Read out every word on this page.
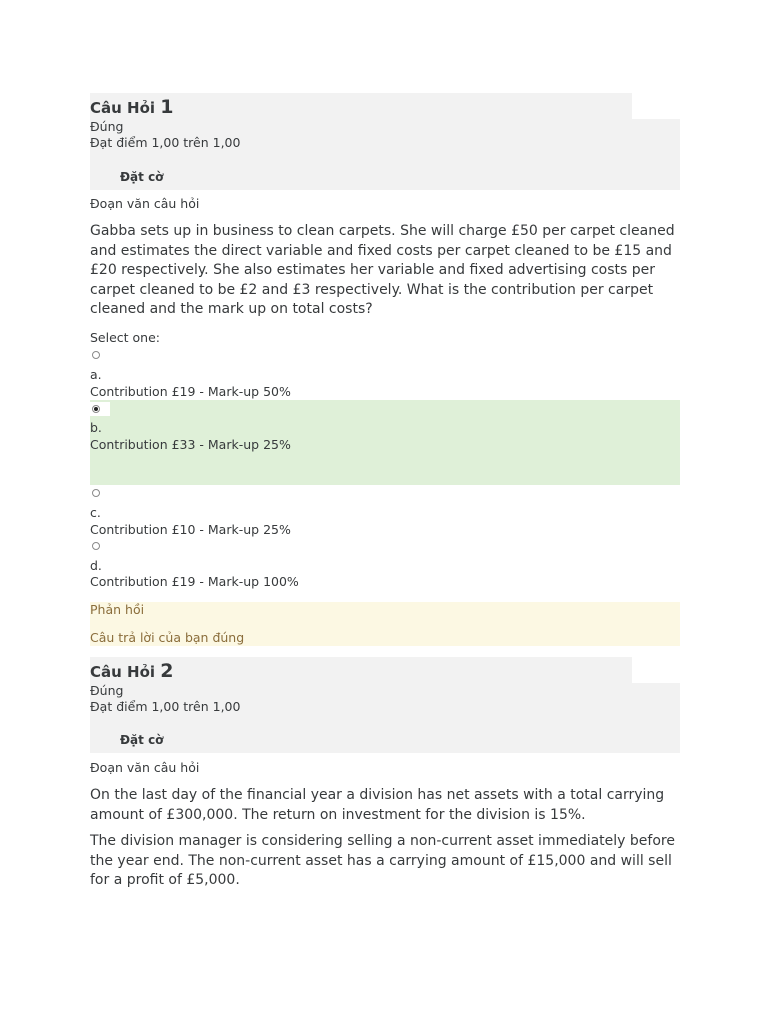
Câu Hỏi 1
Đúng
Đạt điểm 1,00 trên 1,00
Đặt cờ
Đoạn văn câu hỏi
Gabba sets up in business to clean carpets. She will charge £50 per carpet cleaned and estimates the direct variable and fixed costs per carpet cleaned to be £15 and £20 respectively. She also estimates her variable and fixed advertising costs per carpet cleaned to be £2 and £3 respectively. What is the contribution per carpet cleaned and the mark up on total costs?
Select one:
a.
Contribution £19 - Mark-up 50%
b.
Contribution £33 - Mark-up 25%
c.
Contribution £10 - Mark-up 25%
d.
Contribution £19 - Mark-up 100%
Phản hồi
Câu trả lời của bạn đúng
Câu Hỏi 2
Đúng
Đạt điểm 1,00 trên 1,00
Đặt cờ
Đoạn văn câu hỏi
On the last day of the financial year a division has net assets with a total carrying amount of £300,000. The return on investment for the division is 15%.
The division manager is considering selling a non-current asset immediately before the year end. The non-current asset has a carrying amount of £15,000 and will sell for a profit of £5,000.
